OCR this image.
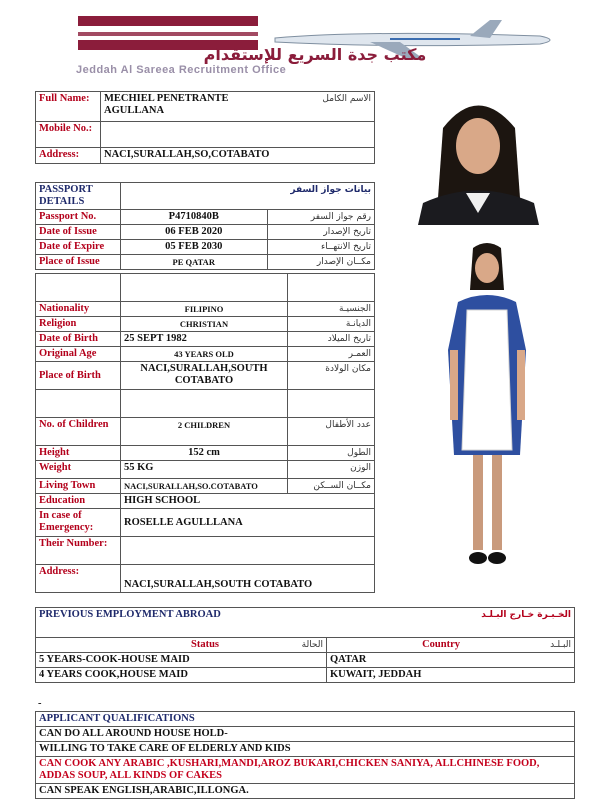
مكتب جدة السريع للإستقدام
Jeddah Al Sareea Recruitment Office
Full Name:	MECHIEL PENETRANTE AGULLANA	الاسم الكامل
Mobile No.:		
Address:	NACI,SURALLAH,SO,COTABATO	
PASSPORT DETAILS		بيانات جواز السفر
Passport No.	P4710840B	رقم جواز السفر
Date of Issue	06 FEB 2020	تاريخ الإصدار
Date of Expire	05 FEB 2030	تاريخ الانتهــاء
Place of Issue	PE QATAR	مكــان الإصدار

Nationality	FILIPINO	الجنسيـة
Religion	CHRISTIAN	الديانـة
Date of Birth	25 SEPT 1982	تاريخ الميلاد
Original Age	43 YEARS OLD	العمـر
Place of Birth	NACI,SURALLAH,SOUTH COTABATO	مكان الولادة

No. of Children	2 CHILDREN	عدد الأطفال
Height	152 cm	الطول
Weight	55 KG	الوزن
Living Town	NACI,SURALLAH,SO.COTABATO	مكــان الســكن
Education	HIGH SCHOOL	
In case of Emergency:	ROSELLE AGULLLANA	
Their Number:		
Address:	NACI,SURALLAH,SOUTH COTABATO	
PREVIOUS EMPLOYMENT ABROAD		الخـبـرة خـارج البـلـد	
Status	الحالة	Country	البـلـد
5 YEARS-COOK-HOUSE MAID		QATAR	
4 YEARS COOK,HOUSE MAID		KUWAIT, JEDDAH	
-
APPLICANT QUALIFICATIONS
CAN DO ALL AROUND HOUSE HOLD-
WILLING TO TAKE CARE OF ELDERLY AND KIDS
CAN COOK ANY ARABIC ,KUSHARI,MANDI,AROZ BUKARI,CHICKEN SANIYA, ALLCHINESE FOOD, ADDAS SOUP, ALL KINDS OF CAKES
CAN SPEAK ENGLISH,ARABIC,ILLONGA.
